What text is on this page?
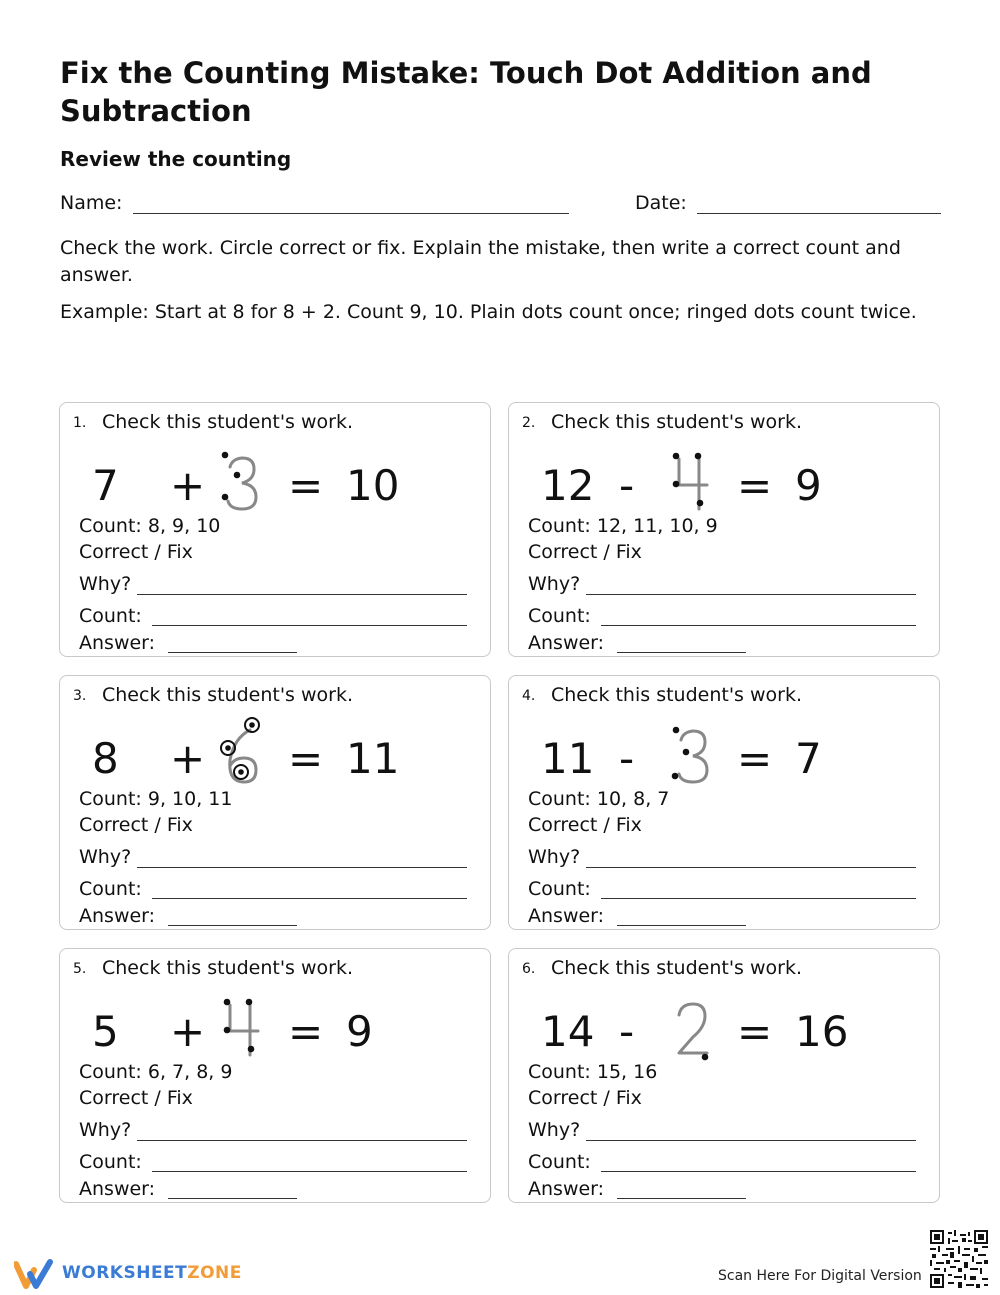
Fix the Counting Mistake: Touch Dot Addition and Subtraction
Review the counting
Name:	Date:

Check the work. Circle correct or fix. Explain the mistake, then write a correct count and answer.

Example: Start at 8 for 8 + 2. Count 9, 10. Plain dots count once; ringed dots count twice.

1. Check this student's work.
7 + = 10
Count: 8, 9, 10
Correct / Fix
Why?
Count:
Answer:
2. Check this student's work.
12 - = 9
Count: 12, 11, 10, 9
Correct / Fix
Why?
Count:
Answer:
3. Check this student's work.
8 + = 11
Count: 9, 10, 11
Correct / Fix
Why?
Count:
Answer:
4. Check this student's work.
11 - = 7
Count: 10, 8, 7
Correct / Fix
Why?
Count:
Answer:
5. Check this student's work.
5 + = 9
Count: 6, 7, 8, 9
Correct / Fix
Why?
Count:
Answer:
6. Check this student's work.
14 - = 16
Count: 15, 16
Correct / Fix
Why?
Count:
Answer:
WORKSHEETZONE	Scan Here For Digital Version
